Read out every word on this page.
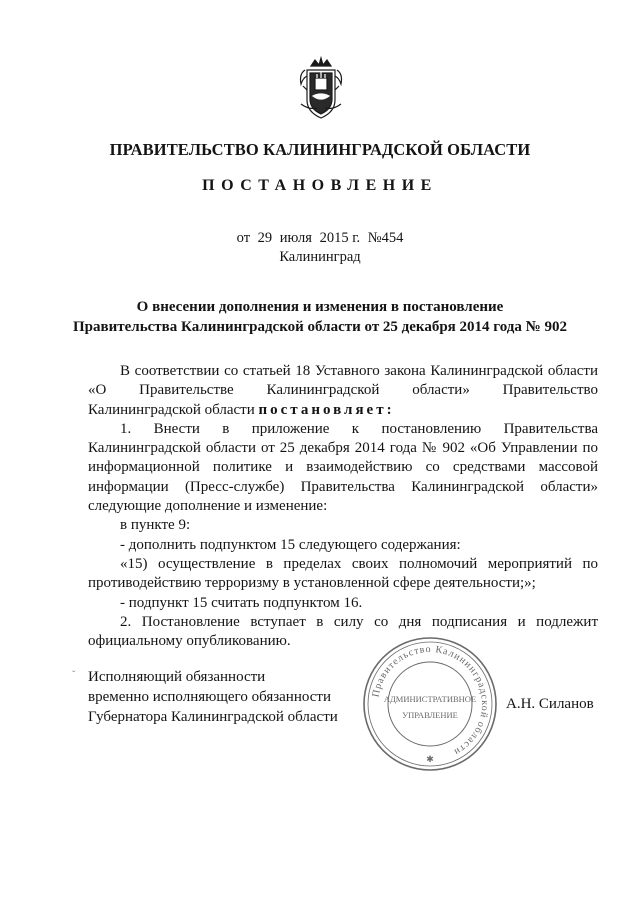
ПРАВИТЕЛЬСТВО КАЛИНИНГРАДСКОЙ ОБЛАСТИ
ПОСТАНОВЛЕНИЕ
от 29 июля 2015 г. №454
Калининград
О внесении дополнения и изменения в постановление
Правительства Калининградской области от 25 декабря 2014 года № 902

В соответствии со статьей 18 Уставного закона Калининградской области «О Правительстве Калининградской области» Правительство Калининградской области постановляет:

1. Внести в приложение к постановлению Правительства Калининградской области от 25 декабря 2014 года № 902 «Об Управлении по информационной политике и взаимодействию со средствами массовой информации (Пресс-службе) Правительства Калининградской области» следующие дополнение и изменение:

в пункте 9:

- дополнить подпунктом 15 следующего содержания:

«15) осуществление в пределах своих полномочий мероприятий по противодействию терроризму в установленной сфере деятельности;»;

- подпункт 15 считать подпунктом 16.

2. Постановление вступает в силу со дня подписания и подлежит официальному опубликованию.

ˇ Исполняющий обязанности
временно исполняющего обязанности
Губернатора Калининградской области
Правительство Калининградской области
АДМИНИСТРАТИВНОЕ
УПРАВЛЕНИЕ
✱
А.Н. Силанов
